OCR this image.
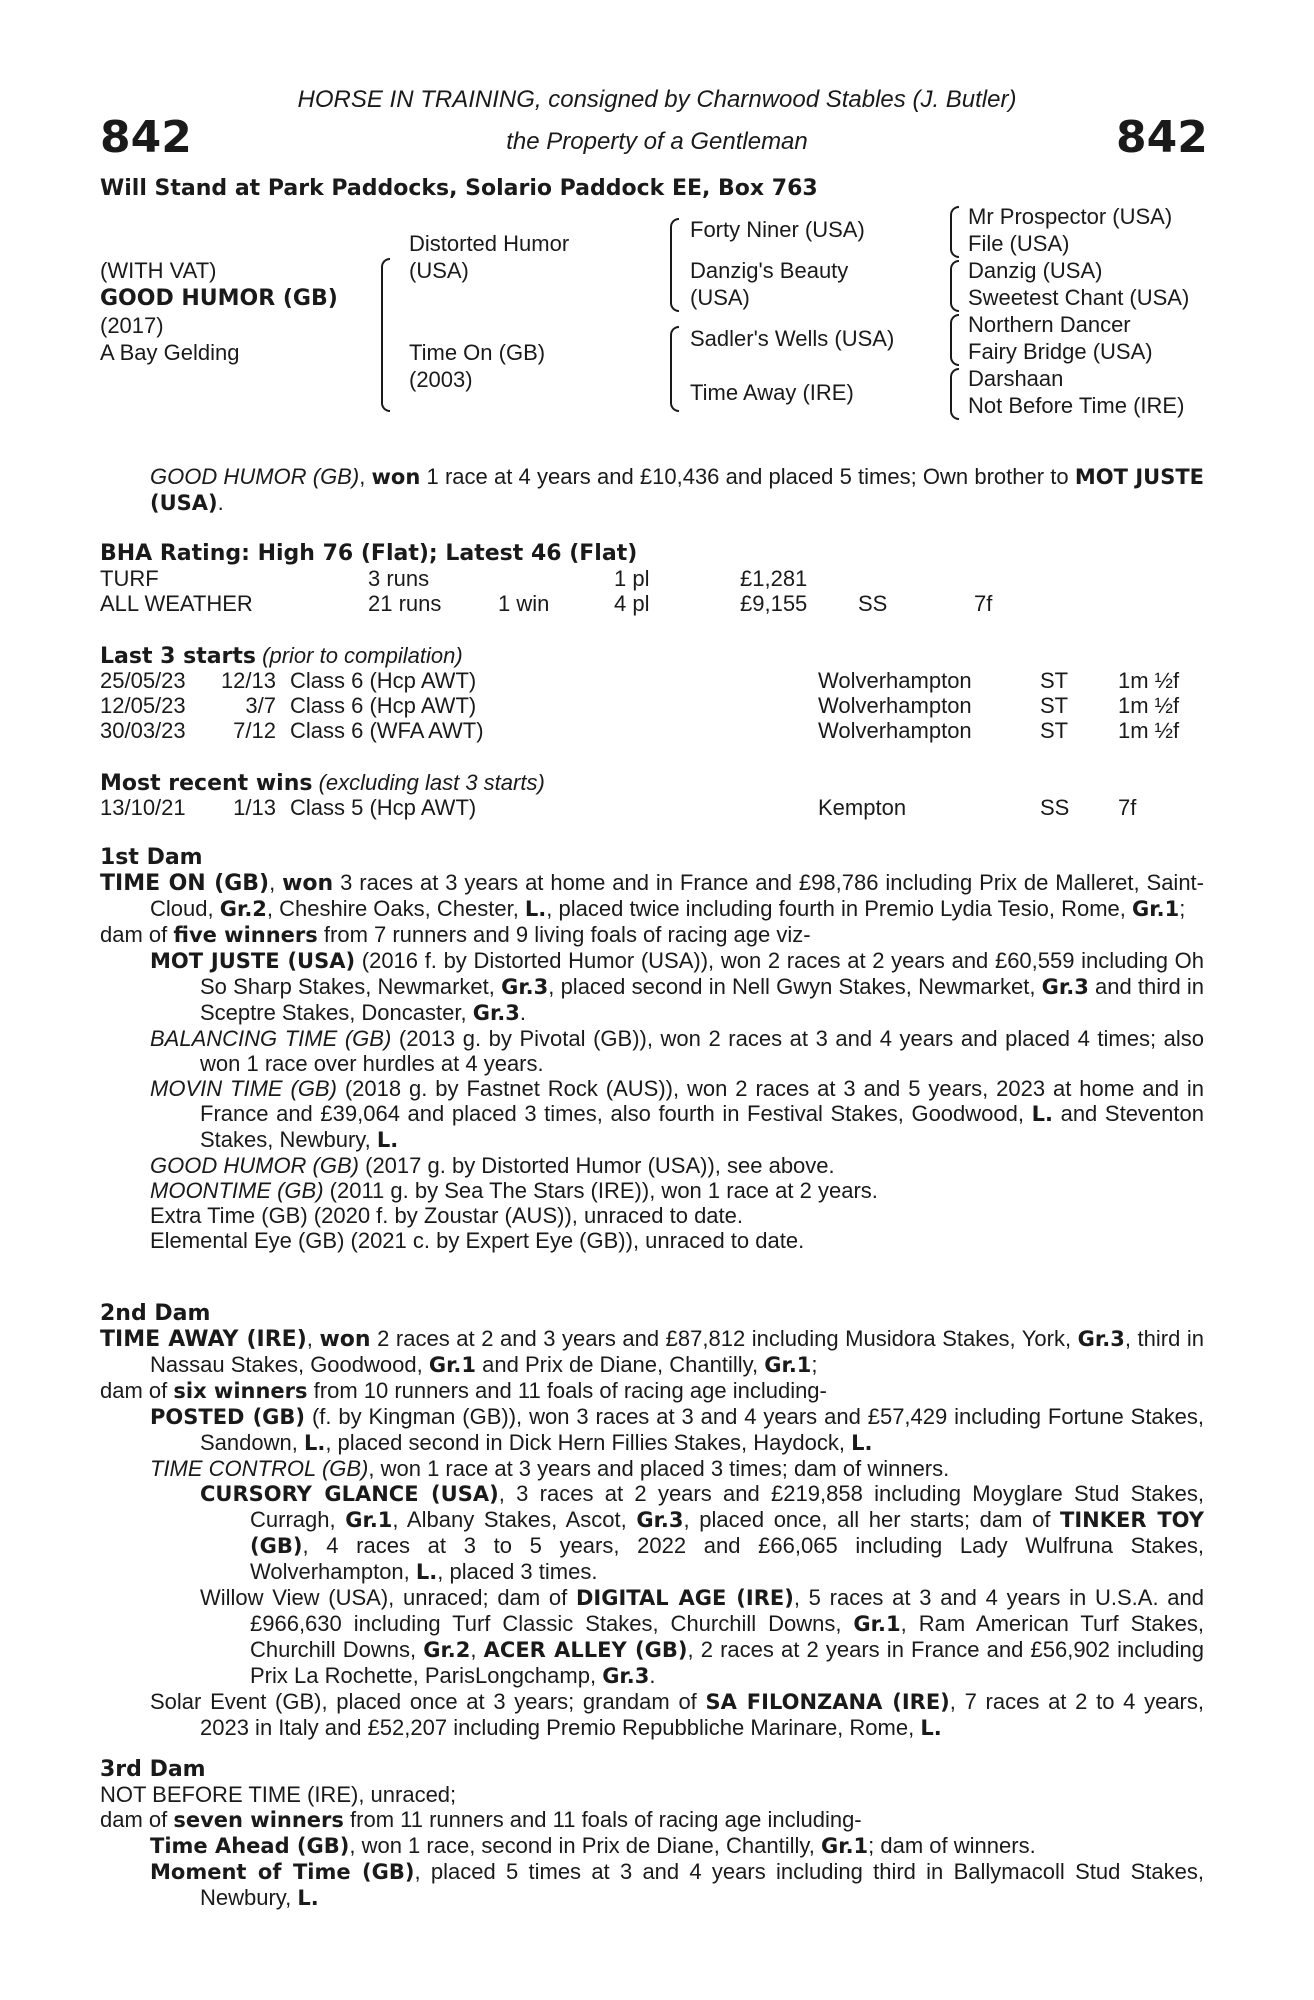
842	842
HORSE IN TRAINING, consigned by Charnwood Stables (J. Butler)
the Property of a Gentleman
Will Stand at Park Paddocks, Solario Paddock EE, Box 763
(WITH VAT)
GOOD HUMOR (GB)
(2017)
A Bay Gelding
Distorted Humor
(USA)
Time On (GB)
(2003)
Forty Niner (USA)
Danzig's Beauty
(USA)
Sadler's Wells (USA)
Time Away (IRE)
Mr Prospector (USA)
File (USA)
Danzig (USA)
Sweetest Chant (USA)
Northern Dancer
Fairy Bridge (USA)
Darshaan
Not Before Time (IRE)

GOOD HUMOR (GB), won 1 race at 4 years and £10,436 and placed 5 times; Own brother to MOT JUSTE (USA).

BHA Rating: High 76 (Flat); Latest 46 (Flat)
TURF	3 runs	1 pl	£1,281
ALL WEATHER	21 runs	1 win	4 pl	£9,155 SS	7f
Last 3 starts (prior to compilation)
25/05/23	12/13 Class 6 (Hcp AWT)	Wolverhampton	ST 1m ½f
12/05/23	3/7 Class 6 (Hcp AWT)	Wolverhampton	ST 1m ½f
30/03/23	7/12 Class 6 (WFA AWT)	Wolverhampton	ST 1m ½f
Most recent wins (excluding last 3 starts)
13/10/21	1/13 Class 5 (Hcp AWT)	Kempton	SS 7f

1st Dam

TIME ON (GB), won 3 races at 3 years at home and in France and £98,786 including Prix de Malleret, Saint-Cloud, Gr.2, Cheshire Oaks, Chester, L., placed twice including fourth in Premio Lydia Tesio, Rome, Gr.1;

dam of five winners from 7 runners and 9 living foals of racing age viz-

MOT JUSTE (USA) (2016 f. by Distorted Humor (USA)), won 2 races at 2 years and £60,559 including Oh So Sharp Stakes, Newmarket, Gr.3, placed second in Nell Gwyn Stakes, Newmarket, Gr.3 and third in Sceptre Stakes, Doncaster, Gr.3.

BALANCING TIME (GB) (2013 g. by Pivotal (GB)), won 2 races at 3 and 4 years and placed 4 times; also won 1 race over hurdles at 4 years.

MOVIN TIME (GB) (2018 g. by Fastnet Rock (AUS)), won 2 races at 3 and 5 years, 2023 at home and in France and £39,064 and placed 3 times, also fourth in Festival Stakes, Goodwood, L. and Steventon Stakes, Newbury, L.

GOOD HUMOR (GB) (2017 g. by Distorted Humor (USA)), see above.

MOONTIME (GB) (2011 g. by Sea The Stars (IRE)), won 1 race at 2 years.

Extra Time (GB) (2020 f. by Zoustar (AUS)), unraced to date.

Elemental Eye (GB) (2021 c. by Expert Eye (GB)), unraced to date.

2nd Dam

TIME AWAY (IRE), won 2 races at 2 and 3 years and £87,812 including Musidora Stakes, York, Gr.3, third in Nassau Stakes, Goodwood, Gr.1 and Prix de Diane, Chantilly, Gr.1;

dam of six winners from 10 runners and 11 foals of racing age including-

POSTED (GB) (f. by Kingman (GB)), won 3 races at 3 and 4 years and £57,429 including Fortune Stakes, Sandown, L., placed second in Dick Hern Fillies Stakes, Haydock, L.

TIME CONTROL (GB), won 1 race at 3 years and placed 3 times; dam of winners.

CURSORY GLANCE (USA), 3 races at 2 years and £219,858 including Moyglare Stud Stakes, Curragh, Gr.1, Albany Stakes, Ascot, Gr.3, placed once, all her starts; dam of TINKER TOY (GB), 4 races at 3 to 5 years, 2022 and £66,065 including Lady Wulfruna Stakes, Wolverhampton, L., placed 3 times.

Willow View (USA), unraced; dam of DIGITAL AGE (IRE), 5 races at 3 and 4 years in U.S.A. and £966,630 including Turf Classic Stakes, Churchill Downs, Gr.1, Ram American Turf Stakes, Churchill Downs, Gr.2, ACER ALLEY (GB), 2 races at 2 years in France and £56,902 including Prix La Rochette, ParisLongchamp, Gr.3.

Solar Event (GB), placed once at 3 years; grandam of SA FILONZANA (IRE), 7 races at 2 to 4 years, 2023 in Italy and £52,207 including Premio Repubbliche Marinare, Rome, L.

3rd Dam

NOT BEFORE TIME (IRE), unraced;

dam of seven winners from 11 runners and 11 foals of racing age including-

Time Ahead (GB), won 1 race, second in Prix de Diane, Chantilly, Gr.1; dam of winners.

Moment of Time (GB), placed 5 times at 3 and 4 years including third in Ballymacoll Stud Stakes, Newbury, L.
